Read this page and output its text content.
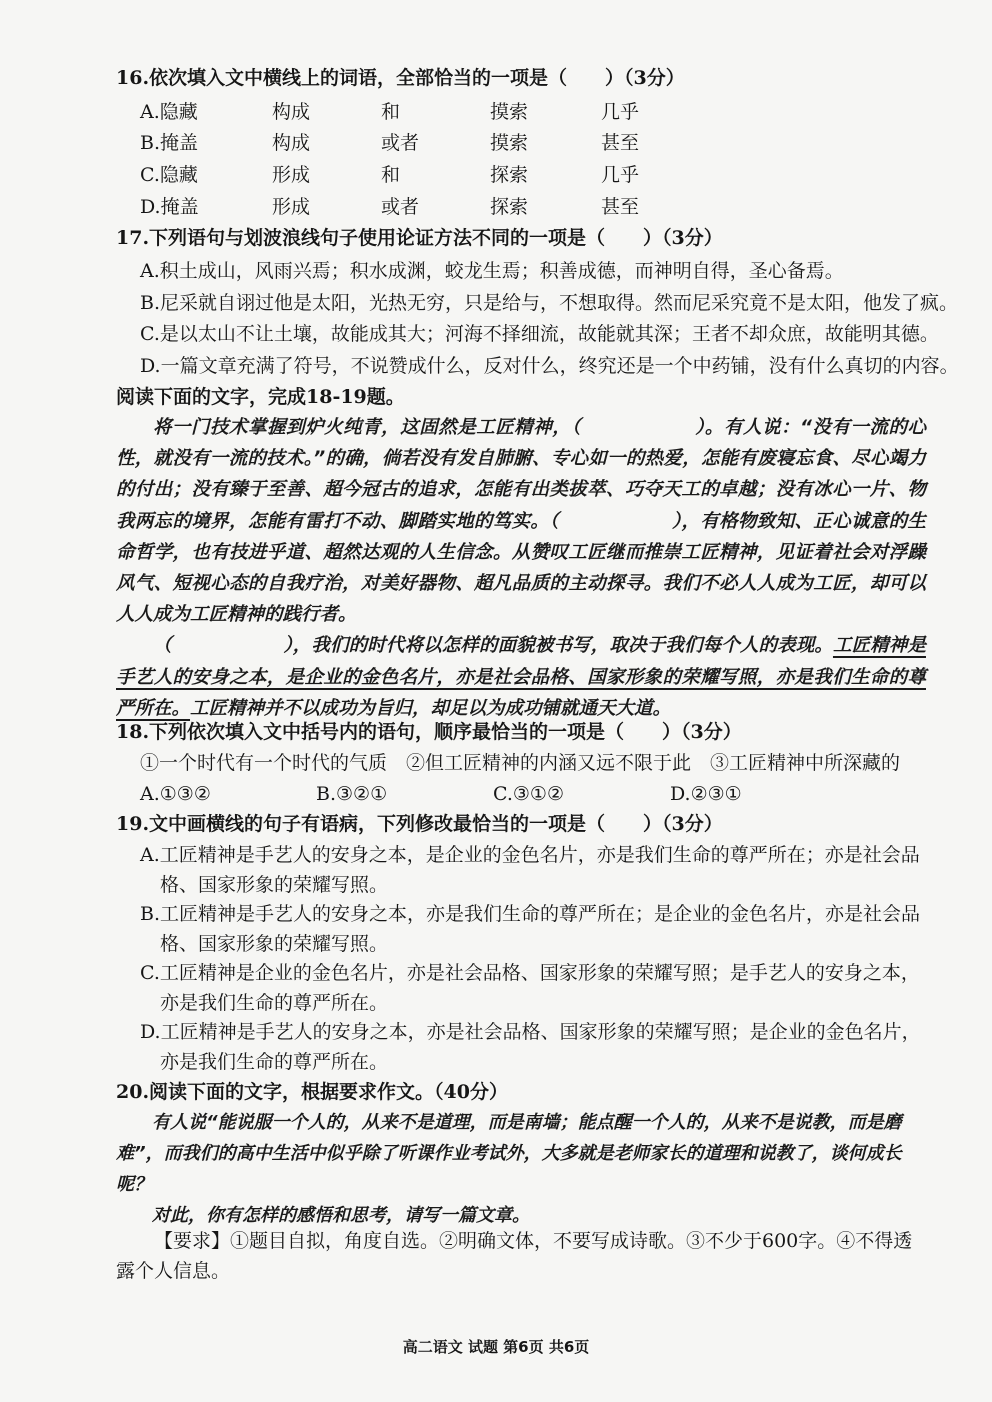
16.依次填入文中横线上的词语，全部恰当的一项是（　　）（3分）
A.隐藏	构成	和	摸索	几乎
B.掩盖	构成	或者	摸索	甚至
C.隐藏	形成	和	探索	几乎
D.掩盖	形成	或者	探索	甚至
17.下列语句与划波浪线句子使用论证方法不同的一项是（　　）（3分）
A.积土成山，风雨兴焉；积水成渊，蛟龙生焉；积善成德，而神明自得，圣心备焉。
B.尼采就自诩过他是太阳，光热无穷，只是给与，不想取得。然而尼采究竟不是太阳，他发了疯。
C.是以太山不让土壤，故能成其大；河海不择细流，故能就其深；王者不却众庶，故能明其德。
D.一篇文章充满了符号，不说赞成什么，反对什么，终究还是一个中药铺，没有什么真切的内容。
阅读下面的文字，完成18-19题。

将一门技术掌握到炉火纯青，这固然是工匠精神，（　　　　　　）。有人说：“没有一流的心性，就没有一流的技术。”的确，倘若没有发自肺腑、专心如一的热爱，怎能有废寝忘食、尽心竭力的付出；没有臻于至善、超今冠古的追求，怎能有出类拔萃、巧夺天工的卓越；没有冰心一片、物我两忘的境界，怎能有雷打不动、脚踏实地的笃实。（　　　　　　），有格物致知、正心诚意的生命哲学，也有技进乎道、超然达观的人生信念。从赞叹工匠继而推崇工匠精神，见证着社会对浮躁风气、短视心态的自我疗治，对美好器物、超凡品质的主动探寻。我们不必人人成为工匠，却可以人人成为工匠精神的践行者。

（　　　　　　），我们的时代将以怎样的面貌被书写，取决于我们每个人的表现。工匠精神是手艺人的安身之本，是企业的金色名片，亦是社会品格、国家形象的荣耀写照，亦是我们生命的尊严所在。工匠精神并不以成功为旨归，却足以为成功铺就通天大道。

18.下列依次填入文中括号内的语句，顺序最恰当的一项是（　　）（3分）
①一个时代有一个时代的气质　②但工匠精神的内涵又远不限于此　③工匠精神中所深藏的
A.①③②	B.③②①	C.③①②	D.②③①
19.文中画横线的句子有语病，下列修改最恰当的一项是（　　）（3分）
A.工匠精神是手艺人的安身之本，是企业的金色名片，亦是我们生命的尊严所在；亦是社会品
格、国家形象的荣耀写照。
B.工匠精神是手艺人的安身之本，亦是我们生命的尊严所在；是企业的金色名片，亦是社会品
格、国家形象的荣耀写照。
C.工匠精神是企业的金色名片，亦是社会品格、国家形象的荣耀写照；是手艺人的安身之本，
亦是我们生命的尊严所在。
D.工匠精神是手艺人的安身之本，亦是社会品格、国家形象的荣耀写照；是企业的金色名片，
亦是我们生命的尊严所在。
20.阅读下面的文字，根据要求作文。（40分）

有人说“能说服一个人的，从来不是道理，而是南墙；能点醒一个人的，从来不是说教，而是磨难”，而我们的高中生活中似乎除了听课作业考试外，大多就是老师家长的道理和说教了，谈何成长呢？

对此，你有怎样的感悟和思考，请写一篇文章。

【要求】①题目自拟，角度自选。②明确文体，不要写成诗歌。③不少于600字。④不得透露个人信息。
高二语文 试题 第6页 共6页
